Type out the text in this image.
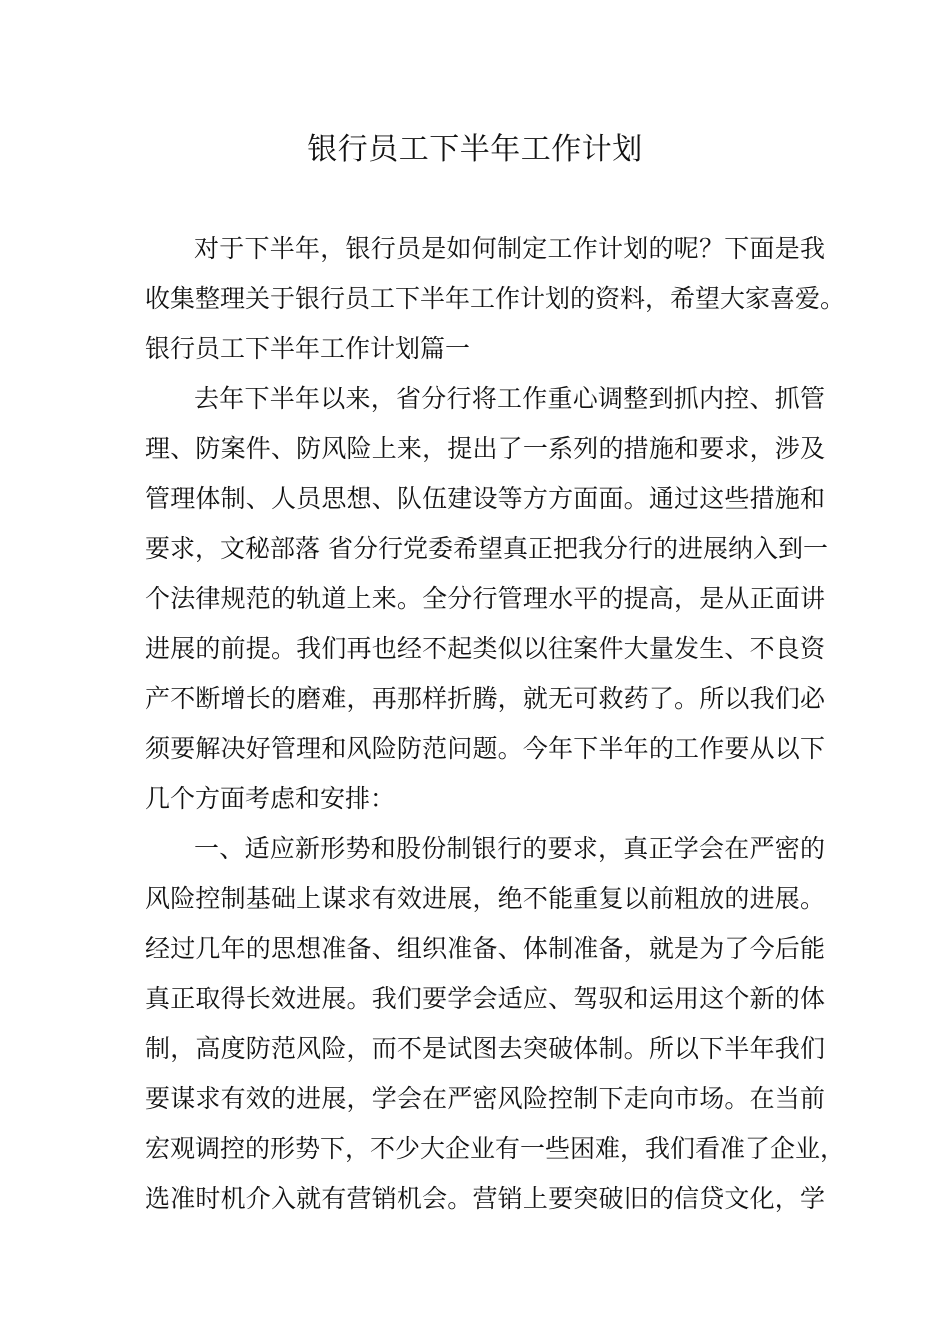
银行员工下半年工作计划
对于下半年，银行员是如何制定工作计划的呢？下面是我
收集整理关于银行员工下半年工作计划的资料，希望大家喜爱。
银行员工下半年工作计划篇一
去年下半年以来，省分行将工作重心调整到抓内控、抓管
理、防案件、防风险上来，提出了一系列的措施和要求，涉及
管理体制、人员思想、队伍建设等方方面面。通过这些措施和
要求，文秘部落 省分行党委希望真正把我分行的进展纳入到一
个法律规范的轨道上来。全分行管理水平的提高，是从正面讲
进展的前提。我们再也经不起类似以往案件大量发生、不良资
产不断增长的磨难，再那样折腾，就无可救药了。所以我们必
须要解决好管理和风险防范问题。今年下半年的工作要从以下
几个方面考虑和安排：
一、适应新形势和股份制银行的要求，真正学会在严密的
风险控制基础上谋求有效进展，绝不能重复以前粗放的进展。
经过几年的思想准备、组织准备、体制准备，就是为了今后能
真正取得长效进展。我们要学会适应、驾驭和运用这个新的体
制，高度防范风险，而不是试图去突破体制。所以下半年我们
要谋求有效的进展，学会在严密风险控制下走向市场。在当前
宏观调控的形势下，不少大企业有一些困难，我们看准了企业，
选准时机介入就有营销机会。营销上要突破旧的信贷文化，学
